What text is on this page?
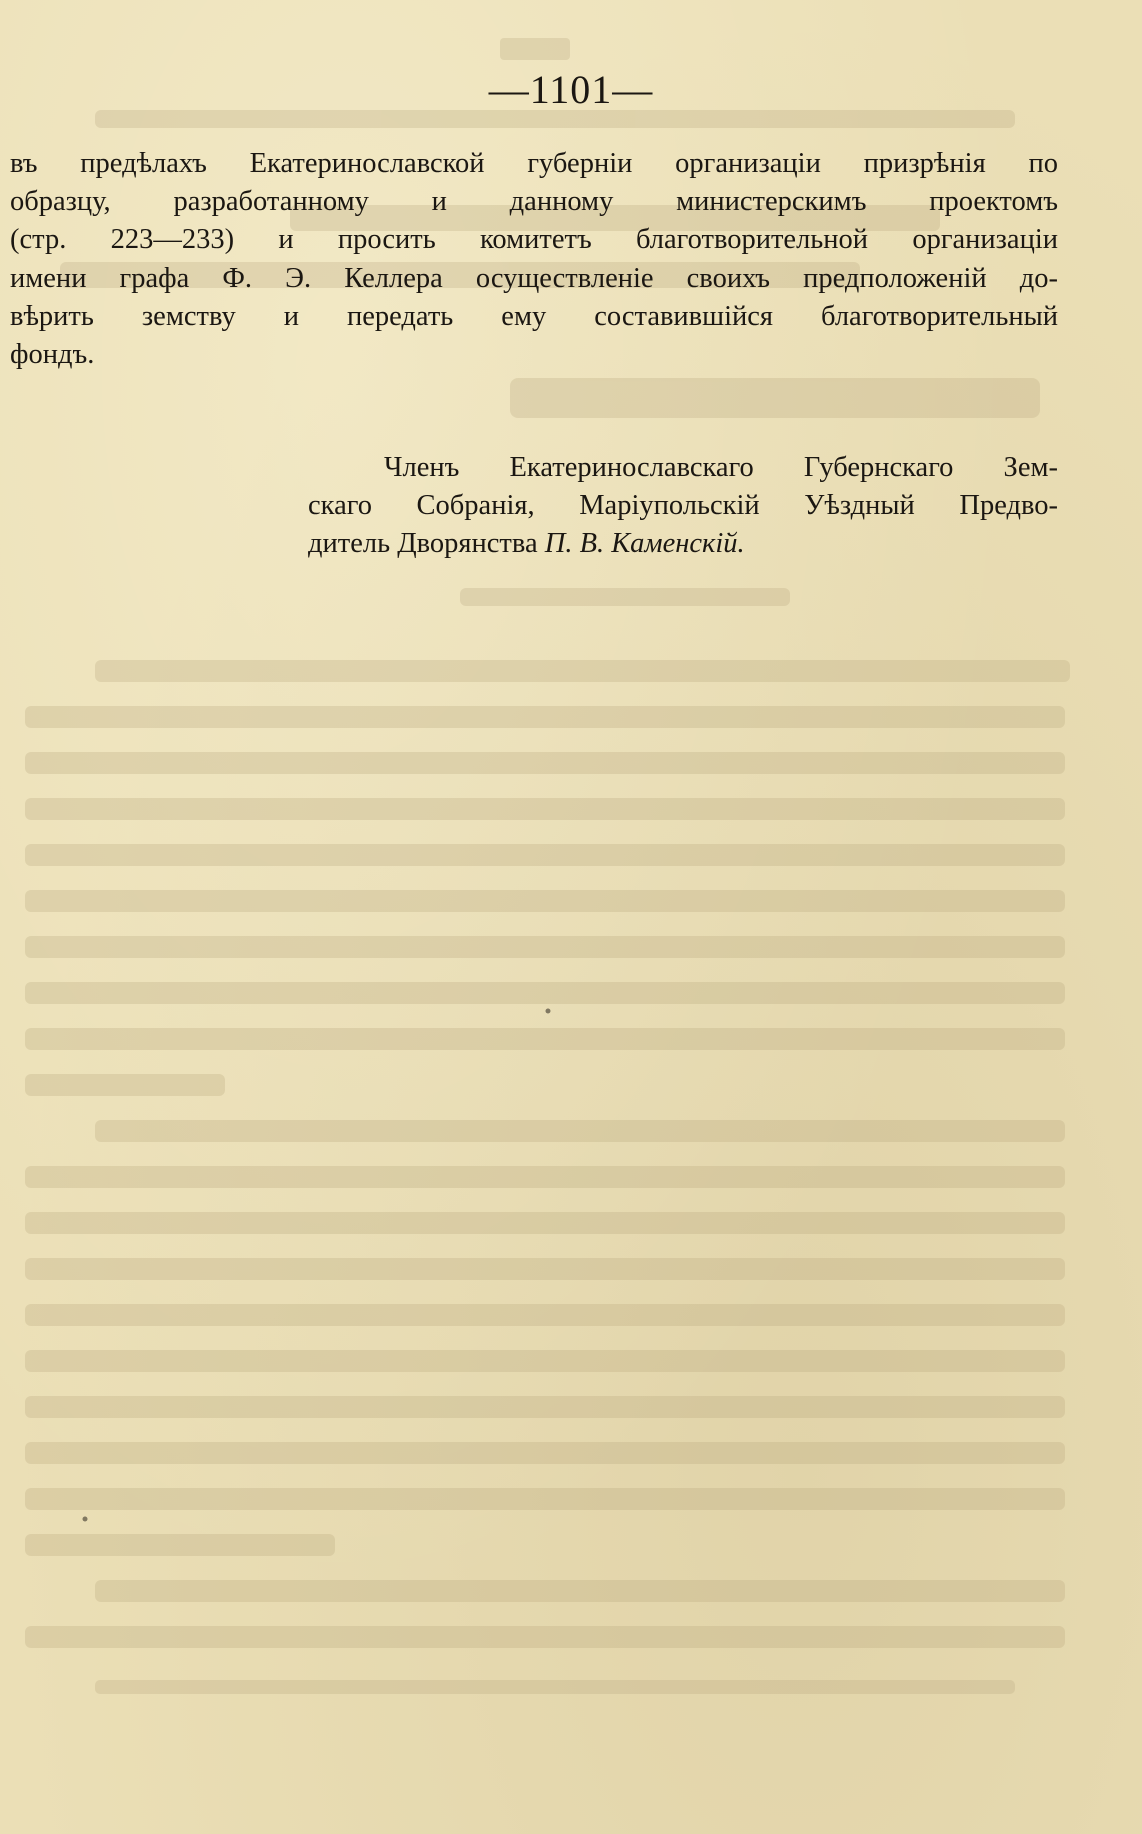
—1101—
въ предѣлахъ Екатеринославской губерніи организаціи призрѣнія по
образцу, разработанному и данному министерскимъ проектомъ
(стр. 223—233) и просить комитетъ благотворительной организаціи
имени графа Ф. Э. Келлера осуществленіе своихъ предположеній до-
вѣрить земству и передать ему составившійся благотворительный
фондъ.
Членъ Екатеринославскаго Губернскаго Зем-
скаго Собранія, Маріупольскій Уѣздный Предво-
дитель Дворянства П. В. Каменскій.
